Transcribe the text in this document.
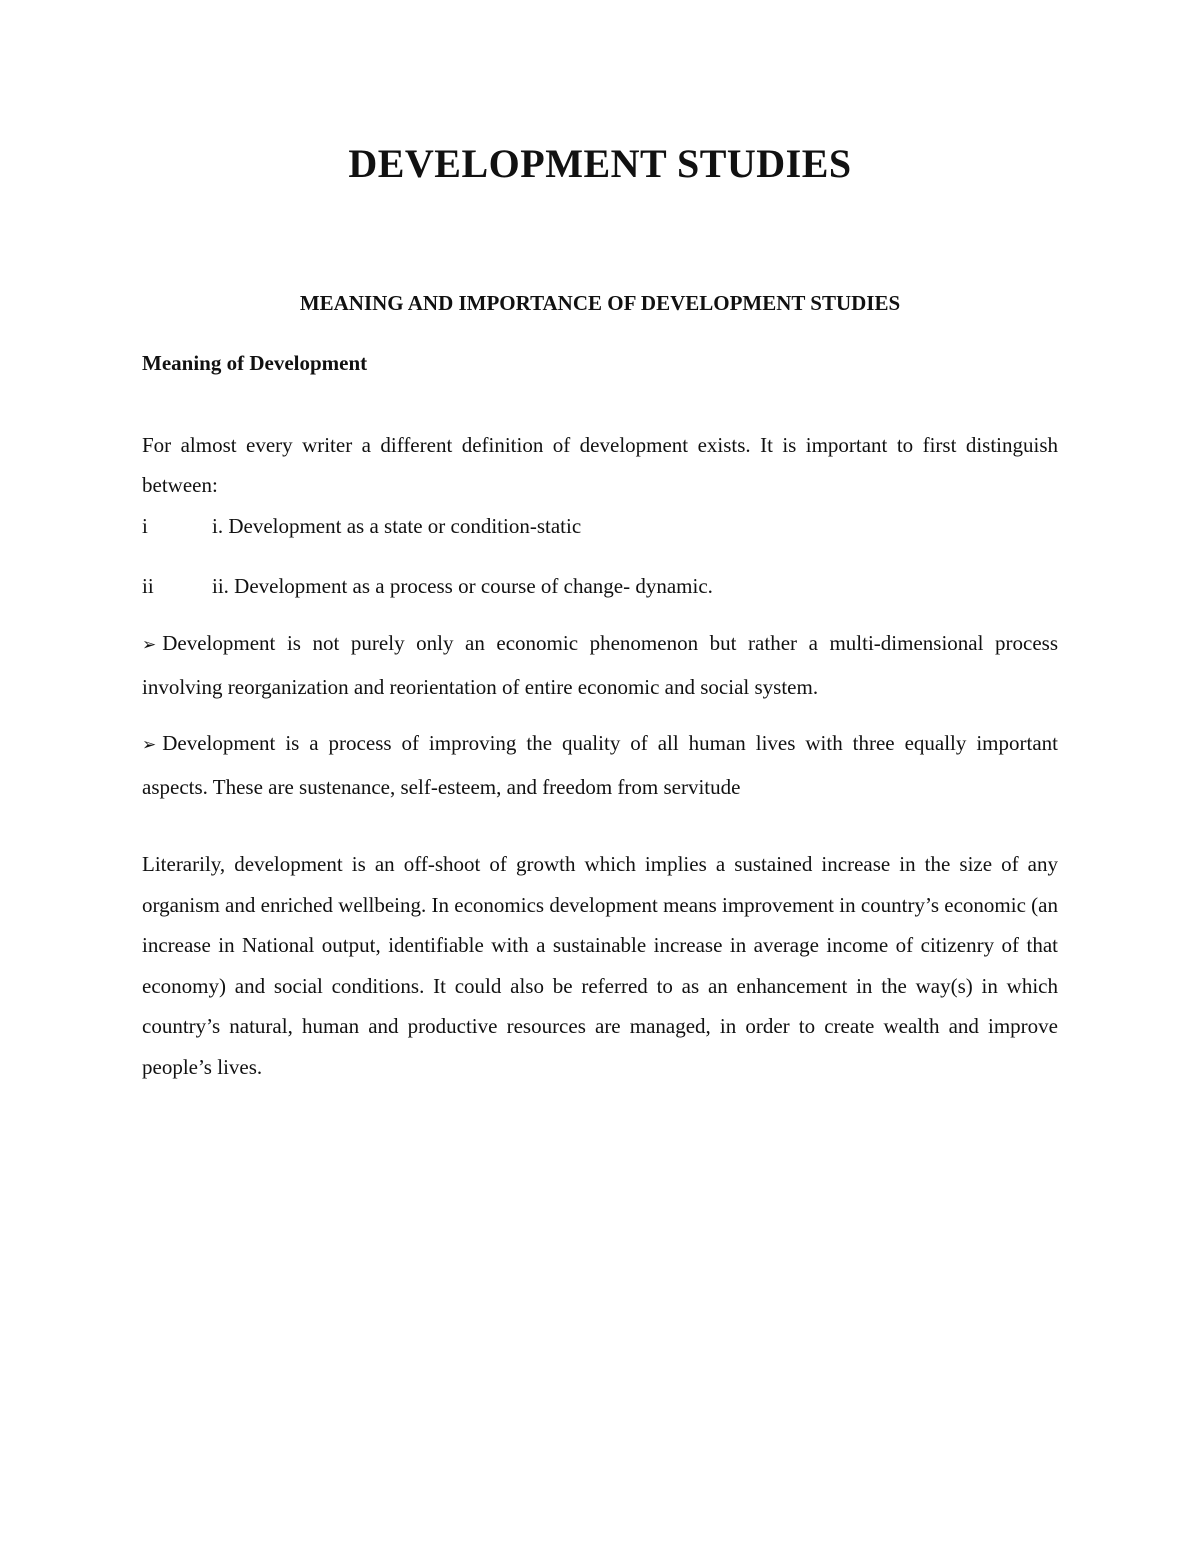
DEVELOPMENT STUDIES
MEANING AND IMPORTANCE OF DEVELOPMENT STUDIES
Meaning of Development
For almost every writer a different definition of development exists. It is important to first distinguish between:
i	i. Development as a state or condition-static
ii	ii. Development as a process or course of change- dynamic.
➢ Development is not purely only an economic phenomenon but rather a multi-dimensional process involving reorganization and reorientation of entire economic and social system.
➢ Development is a process of improving the quality of all human lives with three equally important aspects. These are sustenance, self-esteem, and freedom from servitude
Literarily, development is an off-shoot of growth which implies a sustained increase in the size of any organism and enriched wellbeing. In economics development means improvement in country’s economic (an increase in National output, identifiable with a sustainable increase in average income of citizenry of that economy) and social conditions. It could also be referred to as an enhancement in the way(s) in which country’s natural, human and productive resources are managed, in order to create wealth and improve people’s lives.
